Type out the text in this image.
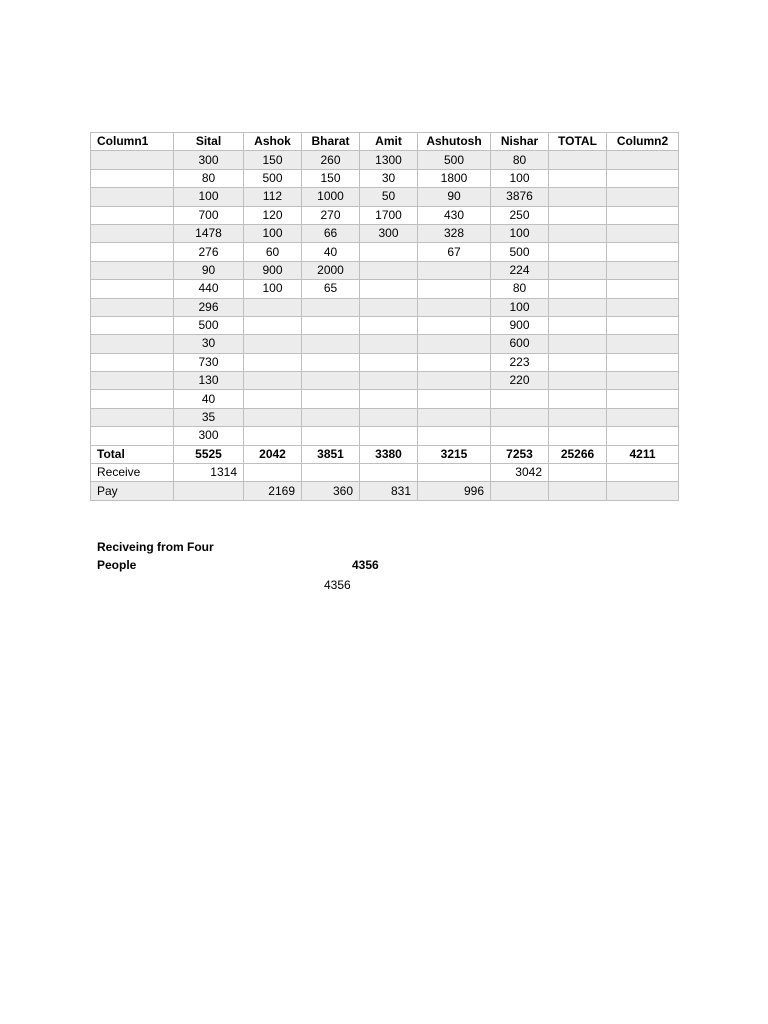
Column1	Sital	Ashok	Bharat	Amit	Ashutosh	Nishar	TOTAL	Column2
	300	150	260	1300	500	80		
	80	500	150	30	1800	100		
	100	112	1000	50	90	3876		
	700	120	270	1700	430	250		
	1478	100	66	300	328	100		
	276	60	40		67	500		
	90	900	2000			224		
	440	100	65			80		
	296					100		
	500					900		
	30					600		
	730					223		
	130					220		
	40							
	35							
	300							
Total	5525	2042	3851	3380	3215	7253	25266	4211
Receive	1314					3042		
Pay		2169	360	831	996			
Reciveing from Four
People	4356
4356
